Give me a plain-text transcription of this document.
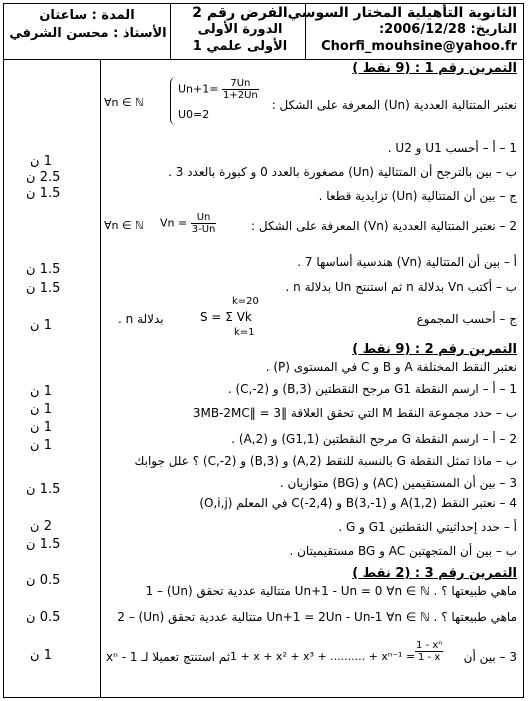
الثانوية التأهيلية المختار السوسي
التاريخ: 2006/12/28:
Chorfi_mouhsine@yahoo.fr
الفرض رقم 2
الدورة الأولى
الأولى علمي 1
المدة : ساعتان
الأستاذ : محسن الشرفي
التمرين رقم 1 : (9 نقط )
نعتبر المتتالية العددية (Un) المعرفة على الشكل :
$Un+1= \frac{7Un}{1+2Un}$
U0=2
∀n ∈ ℕ
1 – أ – أحسب U1 و U2 .
ب – بين بالترجح أن المتتالية (Un) مصغورة بالعدد 0 و كبورة بالعدد 3 .
ج – بين أن المتتالية (Un) تزايدية قطعا .
2 – نعتبر المتتالية العددية (Vn) المعرفة على الشكل :
$Vn = \frac{Un}{3-Un}$
∀n ∈ ℕ
أ – بين أن المتتالية (Vn) هندسية أساسها 7 .
ب – أكتب Vn بدلالة n ثم استنتج Un بدلالة n .
ج – أحسب المجموع
k=20
S = Σ Vk
k=1
بدلالة n .
1 ن
2.5 ن
1.5 ن
1.5 ن
1.5 ن
1 ن
التمرين رقم 2 : (9 نقط )
نعتبر النقط المختلفة A و B و C في المستوى (P) .
1 – أ – ارسم النقطة G1 مرجح النقطتين (B,3) و (C,-2) .
ب – حدد مجموعة النقط M التي تحقق العلاقة ‖3MB-2MC‖ = 3
2 – أ – ارسم النقطة G مرجح النقطتين (G1,1) و (A,2) .
ب – ماذا تمثل النقطة G بالنسبة للنقط (A,2) و (B,3) و (C,-2) ؟ علل جوابك
3 – بين أن المستقيمين (AC) و (BG) متوازيان .
4 – نعتبر النقط A(1,2) و B(3,-1) و C(-2,4) في المعلم (O,i,j)
أ – حدد إحداثيتي النقطتين G1 و G .
ب – بين أن المتجهتين AC و BG مستقيميتان .
1 ن
1 ن
1 ن
1 ن
1.5 ن
2 ن
1.5 ن
التمرين رقم 3 : (2 نقط )
1 – (Un) متتالية عددية تحقق Un+1 - Un = 0 ∀n ∈ ℕ . ماهي طبيعتها ؟
2 – (Un) متتالية عددية تحقق Un+1 = 2Un - Un-1 ∀n ∈ ℕ . ماهي طبيعتها ؟
3 – بين أن
1 + x + x² + x³ + .......... + $x^{n-1} = \frac{\text{1 - xⁿ}}{1 - x}$
ثم استنتج تعميلا لـ 1 - xⁿ
0.5 ن
0.5 ن
1 ن
